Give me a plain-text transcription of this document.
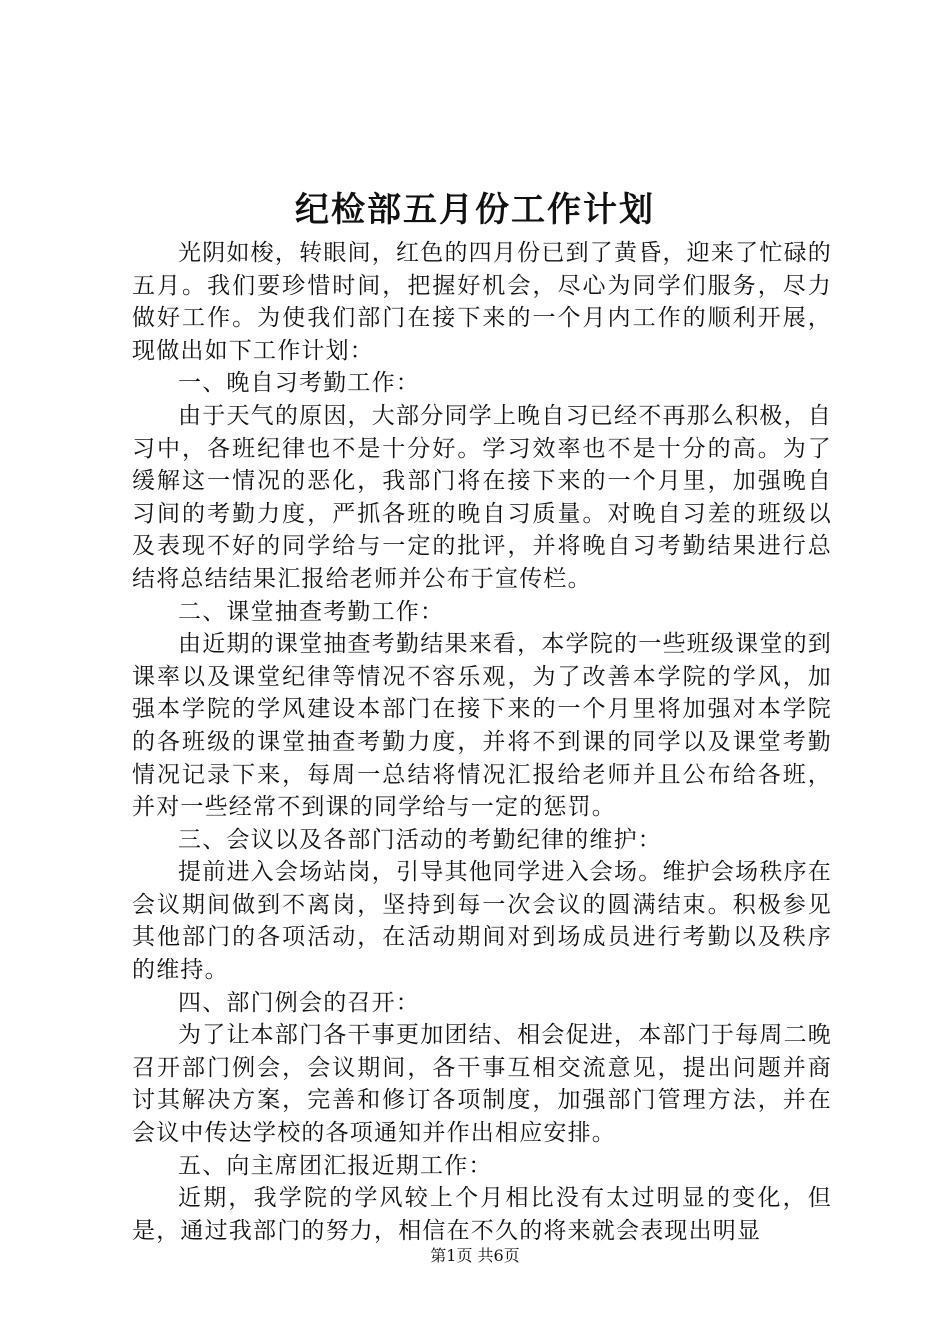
纪检部五月份工作计划

光阴如梭，转眼间，红色的四月份已到了黄昏，迎来了忙碌的五月。我们要珍惜时间，把握好机会，尽心为同学们服务，尽力做好工作。为使我们部门在接下来的一个月内工作的顺利开展，现做出如下工作计划：

一、晚自习考勤工作：

由于天气的原因，大部分同学上晚自习已经不再那么积极，自习中，各班纪律也不是十分好。学习效率也不是十分的高。为了缓解这一情况的恶化，我部门将在接下来的一个月里，加强晚自习间的考勤力度，严抓各班的晚自习质量。对晚自习差的班级以及表现不好的同学给与一定的批评，并将晚自习考勤结果进行总结将总结结果汇报给老师并公布于宣传栏。

二、课堂抽查考勤工作：

由近期的课堂抽查考勤结果来看，本学院的一些班级课堂的到课率以及课堂纪律等情况不容乐观，为了改善本学院的学风，加强本学院的学风建设本部门在接下来的一个月里将加强对本学院的各班级的课堂抽查考勤力度，并将不到课的同学以及课堂考勤情况记录下来，每周一总结将情况汇报给老师并且公布给各班，并对一些经常不到课的同学给与一定的惩罚。

三、会议以及各部门活动的考勤纪律的维护：

提前进入会场站岗，引导其他同学进入会场。维护会场秩序在会议期间做到不离岗，坚持到每一次会议的圆满结束。积极参见其他部门的各项活动，在活动期间对到场成员进行考勤以及秩序的维持。

四、部门例会的召开：

为了让本部门各干事更加团结、相会促进，本部门于每周二晚召开部门例会，会议期间，各干事互相交流意见，提出问题并商讨其解决方案，完善和修订各项制度，加强部门管理方法，并在会议中传达学校的各项通知并作出相应安排。

五、向主席团汇报近期工作：

近期，我学院的学风较上个月相比没有太过明显的变化，但是，通过我部门的努力，相信在不久的将来就会表现出明显

第1页 共6页
